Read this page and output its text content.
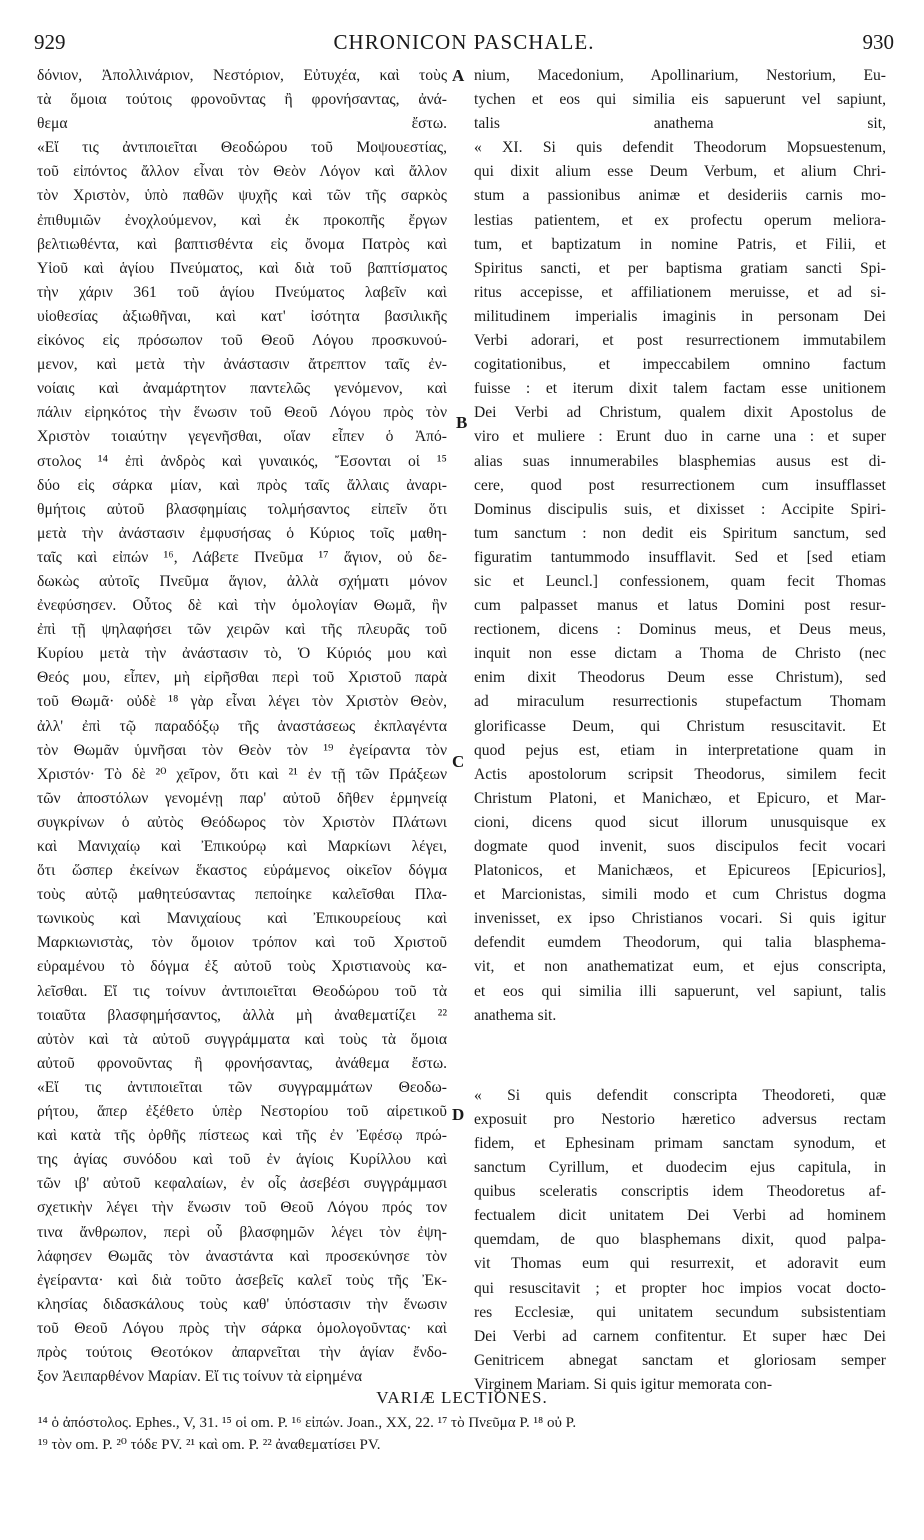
929	CHRONICON PASCHALE.	930
δόνιον, Ἀπολλινάριον, Νεστόριον, Εὐτυχέα, καὶ τοὺς
τὰ ὅμοια τούτοις φρονοῦντας ἢ φρονήσαντας, ἀνά-
θεμα ἔστω.
«Εἴ τις ἀντιποιεῖται Θεοδώρου τοῦ Μοψουεστίας,
τοῦ εἰπόντος ἄλλον εἶναι τὸν Θεὸν Λόγον καὶ ἄλλον
τὸν Χριστὸν, ὑπὸ παθῶν ψυχῆς καὶ τῶν τῆς σαρκὸς
ἐπιθυμιῶν ἐνοχλούμενον, καὶ ἐκ προκοπῆς ἔργων
βελτιωθέντα, καὶ βαπτισθέντα εἰς ὄνομα Πατρὸς καὶ
Υἱοῦ καὶ ἁγίου Πνεύματος, καὶ διὰ τοῦ βαπτίσματος
τὴν χάριν 361 τοῦ ἁγίου Πνεύματος λαβεῖν καὶ
υἱοθεσίας ἀξιωθῆναι, καὶ κατ' ἰσότητα βασιλικῆς
εἰκόνος εἰς πρόσωπον τοῦ Θεοῦ Λόγου προσκυνού-
μενον, καὶ μετὰ τὴν ἀνάστασιν ἄτρεπτον ταῖς ἐν-
νοίαις καὶ ἀναμάρτητον παντελῶς γενόμενον, καὶ
πάλιν εἰρηκότος τὴν ἕνωσιν τοῦ Θεοῦ Λόγου πρὸς τὸν
Χριστὸν τοιαύτην γεγενῆσθαι, οἵαν εἶπεν ὁ Ἀπό-
στολος ¹⁴ ἐπὶ ἀνδρὸς καὶ γυναικός, Ἔσονται οἱ ¹⁵
δύο εἰς σάρκα μίαν, καὶ πρὸς ταῖς ἄλλαις ἀναρι-
θμήτοις αὐτοῦ βλασφημίαις τολμήσαντος εἰπεῖν ὅτι
μετὰ τὴν ἀνάστασιν ἐμφυσήσας ὁ Κύριος τοῖς μαθη-
ταῖς καὶ εἰπών ¹⁶, Λάβετε Πνεῦμα ¹⁷ ἅγιον, οὐ δε-
δωκὼς αὐτοῖς Πνεῦμα ἅγιον, ἀλλὰ σχήματι μόνον
ἐνεφύσησεν. Οὗτος δὲ καὶ τὴν ὁμολογίαν Θωμᾶ, ἣν
ἐπὶ τῇ ψηλαφήσει τῶν χειρῶν καὶ τῆς πλευρᾶς τοῦ
Κυρίου μετὰ τὴν ἀνάστασιν τὸ, Ὁ Κύριός μου καὶ
Θεός μου, εἶπεν, μὴ εἰρῆσθαι περὶ τοῦ Χριστοῦ παρὰ
τοῦ Θωμᾶ· οὐδὲ ¹⁸ γὰρ εἶναι λέγει τὸν Χριστὸν Θεὸν,
ἀλλ' ἐπὶ τῷ παραδόξῳ τῆς ἀναστάσεως ἐκπλαγέντα
τὸν Θωμᾶν ὑμνῆσαι τὸν Θεὸν τὸν ¹⁹ ἐγείραντα τὸν
Χριστόν· Τὸ δὲ ²⁰ χεῖρον, ὅτι καὶ ²¹ ἐν τῇ τῶν Πράξεων
τῶν ἀποστόλων γενομένῃ παρ' αὐτοῦ δῆθεν ἑρμηνείᾳ
συγκρίνων ὁ αὐτὸς Θεόδωρος τὸν Χριστὸν Πλάτωνι
καὶ Μανιχαίῳ καὶ Ἐπικούρῳ καὶ Μαρκίωνι λέγει,
ὅτι ὥσπερ ἐκείνων ἕκαστος εὑράμενος οἰκεῖον δόγμα
τοὺς αὐτῷ μαθητεύσαντας πεποίηκε καλεῖσθαι Πλα-
τωνικοὺς καὶ Μανιχαίους καὶ Ἐπικουρείους καὶ
Μαρκιωνιστὰς, τὸν ὅμοιον τρόπον καὶ τοῦ Χριστοῦ
εὑραμένου τὸ δόγμα ἐξ αὐτοῦ τοὺς Χριστιανοὺς κα-
λεῖσθαι. Εἴ τις τοίνυν ἀντιποιεῖται Θεοδώρου τοῦ τὰ
τοιαῦτα βλασφημήσαντος, ἀλλὰ μὴ ἀναθεματίζει ²²
αὐτὸν καὶ τὰ αὐτοῦ συγγράμματα καὶ τοὺς τὰ ὅμοια
αὐτοῦ φρονοῦντας ἢ φρονήσαντας, ἀνάθεμα ἔστω.
«Εἴ τις ἀντιποιεῖται τῶν συγγραμμάτων Θεοδω-
ρήτου, ἅπερ ἐξέθετο ὑπὲρ Νεστορίου τοῦ αἱρετικοῦ
καὶ κατὰ τῆς ὀρθῆς πίστεως καὶ τῆς ἐν Ἐφέσῳ πρώ-
της ἁγίας συνόδου καὶ τοῦ ἐν ἁγίοις Κυρίλλου καὶ
τῶν ιβ' αὐτοῦ κεφαλαίων, ἐν οἷς ἀσεβέσι συγγράμμασι
σχετικὴν λέγει τὴν ἕνωσιν τοῦ Θεοῦ Λόγου πρός τον
τινα ἄνθρωπον, περὶ οὗ βλασφημῶν λέγει τὸν ἐψη-
λάφησεν Θωμᾶς τὸν ἀναστάντα καὶ προσεκύνησε τὸν
ἐγείραντα· καὶ διὰ τοῦτο ἀσεβεῖς καλεῖ τοὺς τῆς Ἐκ-
κλησίας διδασκάλους τοὺς καθ' ὑπόστασιν τὴν ἕνωσιν
τοῦ Θεοῦ Λόγου πρὸς τὴν σάρκα ὁμολογοῦντας· καὶ
πρὸς τούτοις Θεοτόκον ἀπαρνεῖται τὴν ἁγίαν ἔνδο-
ξον Ἀειπαρθένον Μαρίαν. Εἴ τις τοίνυν τὰ εἰρημένα
nium, Macedonium, Apollinarium, Nestorium, Eu-
tychen et eos qui similia eis sapuerunt vel sapiunt,
talis anathema sit,
« XI. Si quis defendit Theodorum Mopsuestenum,
qui dixit alium esse Deum Verbum, et alium Chri-
stum a passionibus animæ et desideriis carnis mo-
lestias patientem, et ex profectu operum meliora-
tum, et baptizatum in nomine Patris, et Filii, et
Spiritus sancti, et per baptisma gratiam sancti Spi-
ritus accepisse, et affiliationem meruisse, et ad si-
militudinem imperialis imaginis in personam Dei
Verbi adorari, et post resurrectionem immutabilem
cogitationibus, et impeccabilem omnino factum
fuisse : et iterum dixit talem factam esse unitionem
Dei Verbi ad Christum, qualem dixit Apostolus de
viro et muliere : Erunt duo in carne una : et super
alias suas innumerabiles blasphemias ausus est di-
cere, quod post resurrectionem cum insufflasset
Dominus discipulis suis, et dixisset : Accipite Spiri-
tum sanctum : non dedit eis Spiritum sanctum, sed
figuratim tantummodo insufflavit. Sed et [sed etiam
sic et Leuncl.] confessionem, quam fecit Thomas
cum palpasset manus et latus Domini post resur-
rectionem, dicens : Dominus meus, et Deus meus,
inquit non esse dictam a Thoma de Christo (nec
enim dixit Theodorus Deum esse Christum), sed
ad miraculum resurrectionis stupefactum Thomam
glorificasse Deum, qui Christum resuscitavit. Et
quod pejus est, etiam in interpretatione quam in
Actis apostolorum scripsit Theodorus, similem fecit
Christum Platoni, et Manichæo, et Epicuro, et Mar-
cioni, dicens quod sicut illorum unusquisque ex
dogmate quod invenit, suos discipulos fecit vocari
Platonicos, et Manichæos, et Epicureos [Epicurios],
et Marcionistas, simili modo et cum Christus dogma
invenisset, ex ipso Christianos vocari. Si quis igitur
defendit eumdem Theodorum, qui talia blasphema-
vit, et non anathematizat eum, et ejus conscripta,
et eos qui similia illi sapuerunt, vel sapiunt, talis
anathema sit.
« Si quis defendit conscripta Theodoreti, quæ
exposuit pro Nestorio hæretico adversus rectam
fidem, et Ephesinam primam sanctam synodum, et
sanctum Cyrillum, et duodecim ejus capitula, in
quibus sceleratis conscriptis idem Theodoretus af-
fectualem dicit unitatem Dei Verbi ad hominem
quemdam, de quo blasphemans dixit, quod palpa-
vit Thomas eum qui resurrexit, et adoravit eum
qui resuscitavit ; et propter hoc impios vocat docto-
res Ecclesiæ, qui unitatem secundum subsistentiam
Dei Verbi ad carnem confitentur. Et super hæc Dei
Genitricem abnegat sanctam et gloriosam semper
Virginem Mariam. Si quis igitur memorata con-
A
B
C
D
VARIÆ LECTIONES.
¹⁴ ὁ ἀπόστολος. Ephes., V, 31. ¹⁵ οἱ om. P. ¹⁶ εἰπών. Joan., XX, 22. ¹⁷ τὸ Πνεῦμα P. ¹⁸ οὐ P.
¹⁹ τὸν om. P. ²⁰ τόδε PV. ²¹ καὶ om. P. ²² ἀναθεματίσει PV.
